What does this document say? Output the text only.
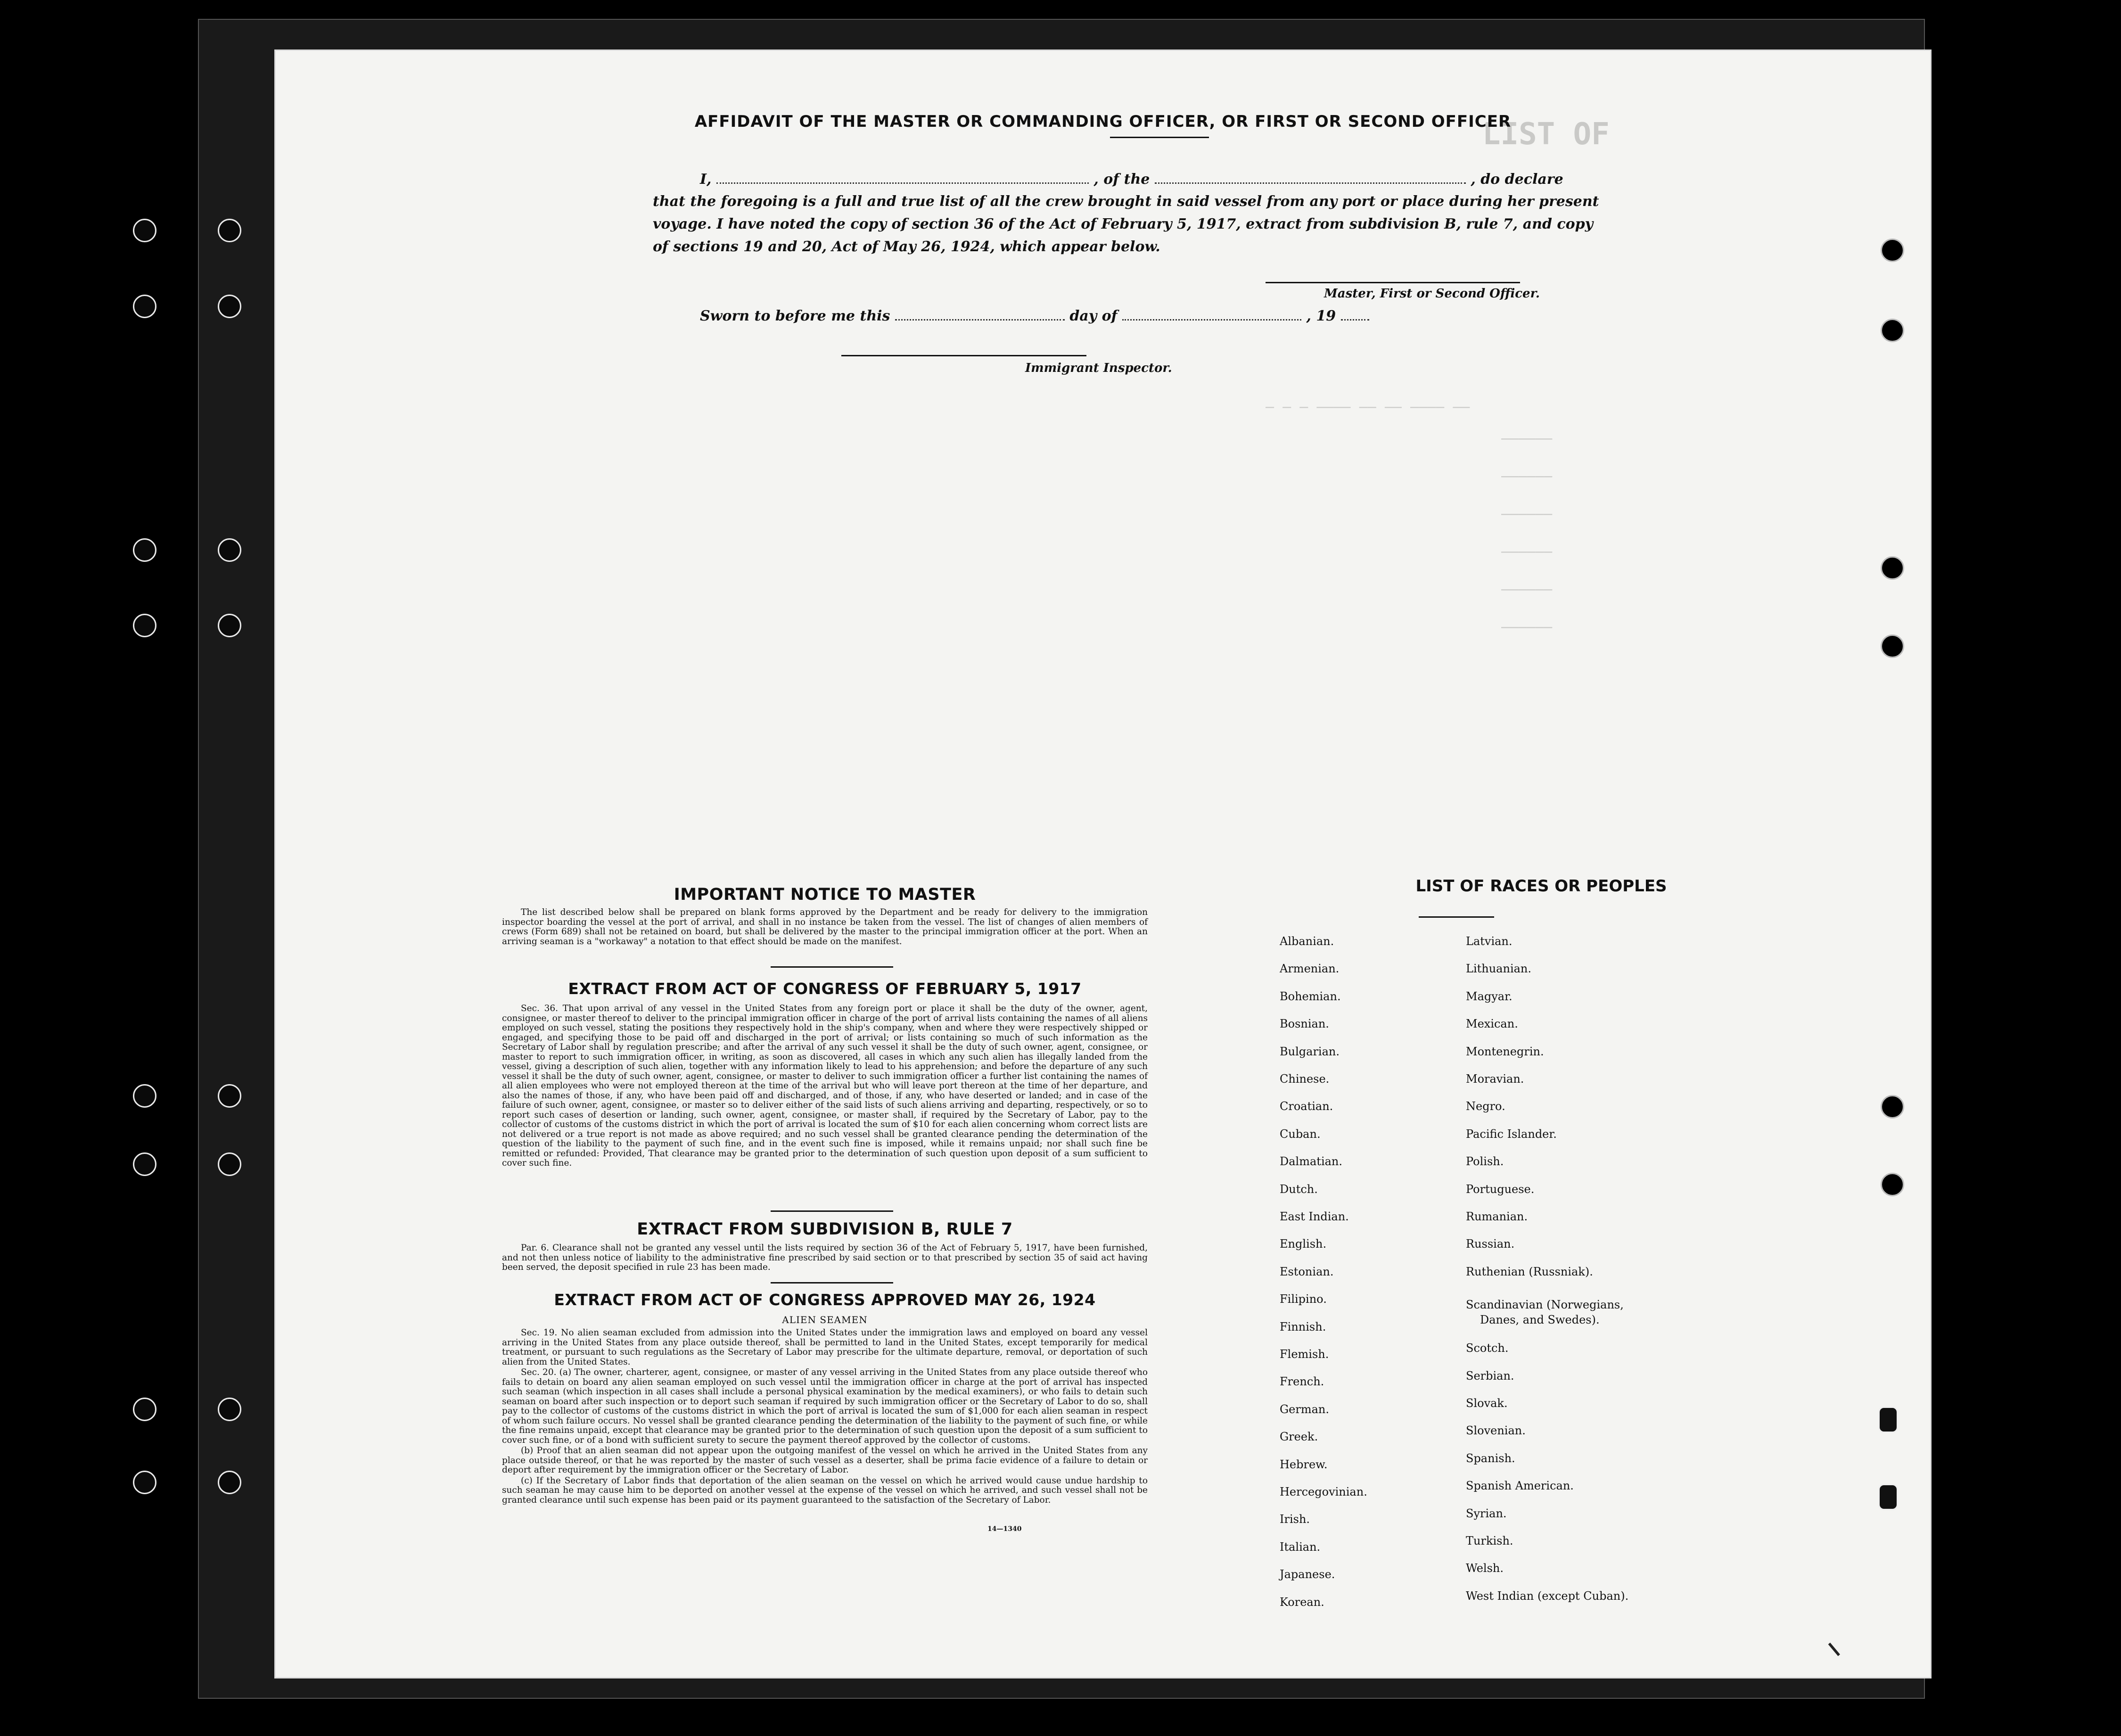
LIST OF
— — — ———— —— —— ———— ——
——————
——————
——————
——————
——————
——————
AFFIDAVIT OF THE MASTER OR COMMANDING OFFICER, OR FIRST OR SECOND OFFICER
I,	, of the	, do declare
that the foregoing is a full and true list of all the crew brought in said vessel from any port or place during her present
voyage. I have noted the copy of section 36 of the Act of February 5, 1917, extract from subdivision B, rule 7, and copy
of sections 19 and 20, Act of May 26, 1924, which appear below.
Master, First or Second Officer.
Sworn to before me this	day of	, 19
Immigrant Inspector.
IMPORTANT NOTICE TO MASTER

The list described below shall be prepared on blank forms approved by the Department and be ready for delivery to the immigration inspector boarding the vessel at the port of arrival, and shall in no instance be taken from the vessel. The list of changes of alien members of crews (Form 689) shall not be retained on board, but shall be delivered by the master to the principal immigration officer at the port. When an arriving seaman is a "workaway" a notation to that effect should be made on the manifest.

EXTRACT FROM ACT OF CONGRESS OF FEBRUARY 5, 1917

Sec. 36. That upon arrival of any vessel in the United States from any foreign port or place it shall be the duty of the owner, agent, consignee, or master thereof to deliver to the principal immigration officer in charge of the port of arrival lists containing the names of all aliens employed on such vessel, stating the positions they respectively hold in the ship's company, when and where they were respectively shipped or engaged, and specifying those to be paid off and discharged in the port of arrival; or lists containing so much of such information as the Secretary of Labor shall by regulation prescribe; and after the arrival of any such vessel it shall be the duty of such owner, agent, consignee, or master to report to such immigration officer, in writing, as soon as discovered, all cases in which any such alien has illegally landed from the vessel, giving a description of such alien, together with any information likely to lead to his apprehension; and before the departure of any such vessel it shall be the duty of such owner, agent, consignee, or master to deliver to such immigration officer a further list containing the names of all alien employees who were not employed thereon at the time of the arrival but who will leave port thereon at the time of her departure, and also the names of those, if any, who have been paid off and discharged, and of those, if any, who have deserted or landed; and in case of the failure of such owner, agent, consignee, or master so to deliver either of the said lists of such aliens arriving and departing, respectively, or so to report such cases of desertion or landing, such owner, agent, consignee, or master shall, if required by the Secretary of Labor, pay to the collector of customs of the customs district in which the port of arrival is located the sum of $10 for each alien concerning whom correct lists are not delivered or a true report is not made as above required; and no such vessel shall be granted clearance pending the determination of the question of the liability to the payment of such fine, and in the event such fine is imposed, while it remains unpaid; nor shall such fine be remitted or refunded: Provided, That clearance may be granted prior to the determination of such question upon deposit of a sum sufficient to cover such fine.

EXTRACT FROM SUBDIVISION B, RULE 7

Par. 6. Clearance shall not be granted any vessel until the lists required by section 36 of the Act of February 5, 1917, have been furnished, and not then unless notice of liability to the administrative fine prescribed by said section or to that prescribed by section 35 of said act having been served, the deposit specified in rule 23 has been made.

EXTRACT FROM ACT OF CONGRESS APPROVED MAY 26, 1924
ALIEN SEAMEN

Sec. 19. No alien seaman excluded from admission into the United States under the immigration laws and employed on board any vessel arriving in the United States from any place outside thereof, shall be permitted to land in the United States, except temporarily for medical treatment, or pursuant to such regulations as the Secretary of Labor may prescribe for the ultimate departure, removal, or deportation of such alien from the United States.

Sec. 20. (a) The owner, charterer, agent, consignee, or master of any vessel arriving in the United States from any place outside thereof who fails to detain on board any alien seaman employed on such vessel until the immigration officer in charge at the port of arrival has inspected such seaman (which inspection in all cases shall include a personal physical examination by the medical examiners), or who fails to detain such seaman on board after such inspection or to deport such seaman if required by such immigration officer or the Secretary of Labor to do so, shall pay to the collector of customs of the customs district in which the port of arrival is located the sum of $1,000 for each alien seaman in respect of whom such failure occurs. No vessel shall be granted clearance pending the determination of the liability to the payment of such fine, or while the fine remains unpaid, except that clearance may be granted prior to the determination of such question upon the deposit of a sum sufficient to cover such fine, or of a bond with sufficient surety to secure the payment thereof approved by the collector of customs.

(b) Proof that an alien seaman did not appear upon the outgoing manifest of the vessel on which he arrived in the United States from any place outside thereof, or that he was reported by the master of such vessel as a deserter, shall be prima facie evidence of a failure to detain or deport after requirement by the immigration officer or the Secretary of Labor.

(c) If the Secretary of Labor finds that deportation of the alien seaman on the vessel on which he arrived would cause undue hardship to such seaman he may cause him to be deported on another vessel at the expense of the vessel on which he arrived, and such vessel shall not be granted clearance until such expense has been paid or its payment guaranteed to the satisfaction of the Secretary of Labor.

14—1340
LIST OF RACES OR PEOPLES
ᐠ
Albanian.
Armenian.
Bohemian.
Bosnian.
Bulgarian.
Chinese.
Croatian.
Cuban.
Dalmatian.
Dutch.
East Indian.
English.
Estonian.
Filipino.
Finnish.
Flemish.
French.
German.
Greek.
Hebrew.
Hercegovinian.
Irish.
Italian.
Japanese.
Korean.
Latvian.
Lithuanian.
Magyar.
Mexican.
Montenegrin.
Moravian.
Negro.
Pacific Islander.
Polish.
Portuguese.
Rumanian.
Russian.
Ruthenian (Russniak).
Scandinavian (Norwegians,
Danes, and Swedes).
Scotch.
Serbian.
Slovak.
Slovenian.
Spanish.
Spanish American.
Syrian.
Turkish.
Welsh.
West Indian (except Cuban).
